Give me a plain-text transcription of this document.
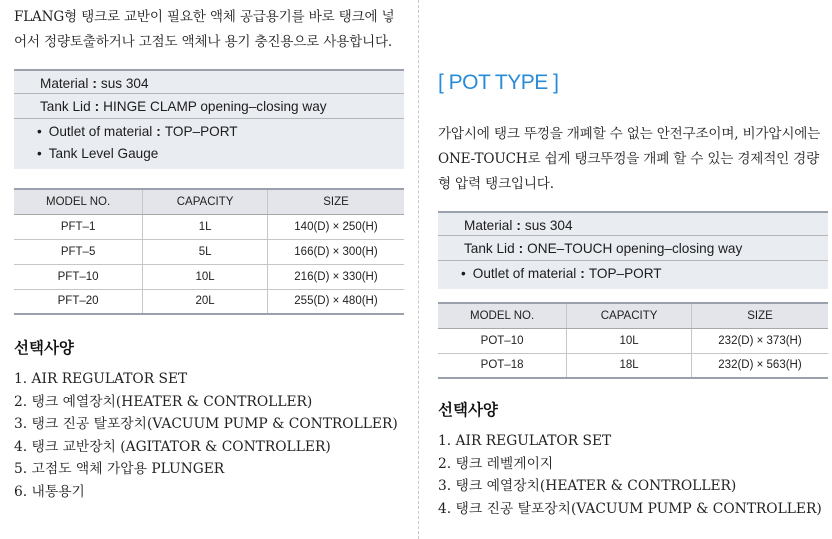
FLANG형 탱크로 교반이 필요한 액체 공급용기를 바로 탱크에 넣어서 정량토출하거나 고점도 액체나 용기 충진용으로 사용합니다.

Material : sus 304
Tank Lid : HINGE CLAMP opening–closing way
• Outlet of material : TOP–PORT
• Tank Level Gauge
MODEL NO.	CAPACITY	SIZE
PFT–1	1L	140(D) × 250(H)
PFT–5	5L	166(D) × 300(H)
PFT–10	10L	216(D) × 330(H)
PFT–20	20L	255(D) × 480(H)
선택사양
1. AIR REGULATOR SET
2. 탱크 예열장치(HEATER & CONTROLLER)
3. 탱크 진공 탈포장치(VACUUM PUMP & CONTROLLER)
4. 탱크 교반장치 (AGITATOR & CONTROLLER)
5. 고점도 액체 가압용 PLUNGER
6. 내통용기
[ POT TYPE ]

가압시에 탱크 뚜껑을 개폐할 수 없는 안전구조이며, 비가압시에는 ONE-TOUCH로 쉽게 탱크뚜껑을 개폐 할 수 있는 경제적인 경량형 압력 탱크입니다.

Material : sus 304
Tank Lid : ONE–TOUCH opening–closing way
• Outlet of material : TOP–PORT
MODEL NO.	CAPACITY	SIZE
POT–10	10L	232(D) × 373(H)
POT–18	18L	232(D) × 563(H)
선택사양
1. AIR REGULATOR SET
2. 탱크 레벨게이지
3. 탱크 예열장치(HEATER & CONTROLLER)
4. 탱크 진공 탈포장치(VACUUM PUMP & CONTROLLER)
